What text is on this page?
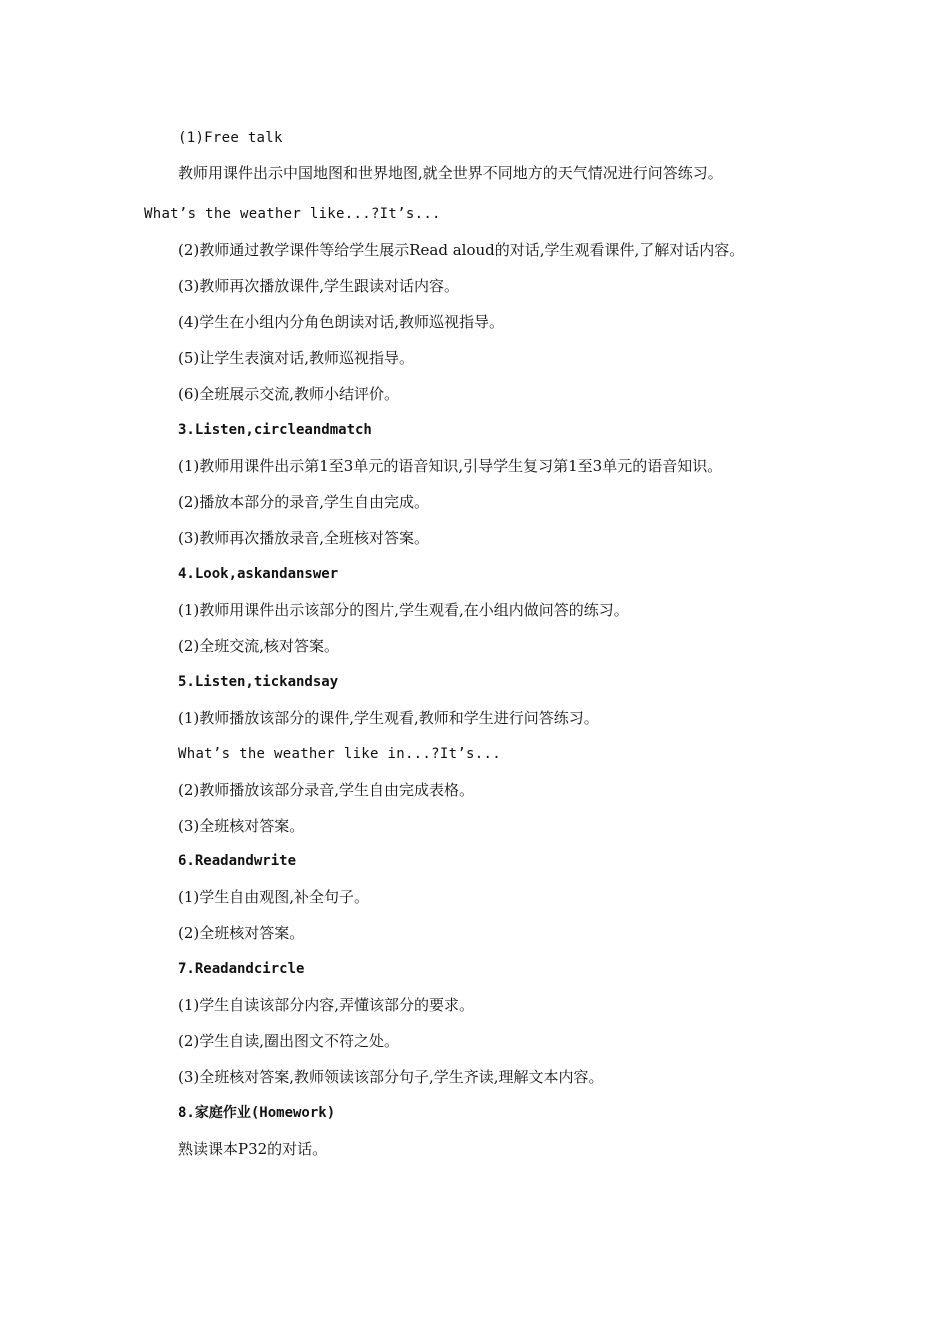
(1)Free talk
教师用课件出示中国地图和世界地图,就全世界不同地方的天气情况进行问答练习。
What’s the weather like...?It’s...
(2)教师通过教学课件等给学生展示Read aloud的对话,学生观看课件,了解对话内容。
(3)教师再次播放课件,学生跟读对话内容。
(4)学生在小组内分角色朗读对话,教师巡视指导。
(5)让学生表演对话,教师巡视指导。
(6)全班展示交流,教师小结评价。
3.Listen,circleandmatch
(1)教师用课件出示第1至3单元的语音知识,引导学生复习第1至3单元的语音知识。
(2)播放本部分的录音,学生自由完成。
(3)教师再次播放录音,全班核对答案。
4.Look,askandanswer
(1)教师用课件出示该部分的图片,学生观看,在小组内做问答的练习。
(2)全班交流,核对答案。
5.Listen,tickandsay
(1)教师播放该部分的课件,学生观看,教师和学生进行问答练习。
What’s the weather like in...?It’s...
(2)教师播放该部分录音,学生自由完成表格。
(3)全班核对答案。
6.Readandwrite
(1)学生自由观图,补全句子。
(2)全班核对答案。
7.Readandcircle
(1)学生自读该部分内容,弄懂该部分的要求。
(2)学生自读,圈出图文不符之处。
(3)全班核对答案,教师领读该部分句子,学生齐读,理解文本内容。
8.家庭作业(Homework)
熟读课本P32的对话。
